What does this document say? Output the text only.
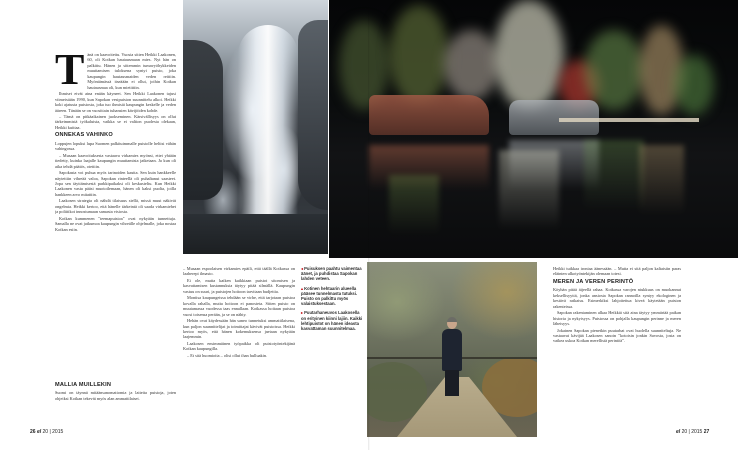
T änä on kaavoitettu. Vuosia sitten Heikki Laakonen, 60, oli Kotkan hautausmaan mies. Nyt hän on palkittu. Hänen ja sittemmin tumavyöhykkeiden muuttamisen tuloksena syntyi puisto, joka kaupungin hautausmaiden veden reittiin. Myöntämässä itseäään ei ollut, joihin Kotkan hautausmaa oli, kun mietittiin.

Ihmiset eivät aina enään käyneet. Sen Heikki Laakonen tajusi viimeistään 1990, kun Sapokan vesipuiston suunnittelu alkoi. Heikki koki ajatusta puistosta, joka tuo ihmisiä kaupungin keskelle ja veden ääreen. Tänään se on vuosittain tuhansien kävijöiden kohde.

– Tämä on pitkäaikainen juokseminen. Kärsivällisyys on ollut tärkeimmistä työkaluista, vaikka se ei valtion puolesta olekaan, Heikki kuittaa.

ONNEKAS VAHINKO

Loppujen lopuksi lupa Suomen palkituimmalle puistolle heltisi vähän vahingossa.

– Musaan kaavoituksesta vastaava virkamies myönsi, ettei yhtään tiedetty, kuinka laajalle kaupungin muuttamista jatketaan. Ja kun oli aika tehdä päätös, otettiin.

Sapokasta voi puhua myös tarinoiden kautta. Sen kuin hankkeelle näytettiin vihreää valoa, Sapokan rinteellä oli puhaltanut saasteet. Jopa sen täyttämisestä parkkipaikaksi oli keskusteltu. Kun Heikki Laakonen vasta pääsi muotoilemaan, hänen oli kaksi puolta, joilla hankkeen arvo mitattiin.

Laakosen strategia oli nähdä tilaisuus siellä, missä muut näkivät ongelmia. Heikki kertoo, että hänelle tärkeintä oli saada virkamiehet ja poliitikot innostumaan samasta visiosta.

Kotkan kummenen "teemapuistoa" ovat nykyään tunnettuja. Samalla ne ovat jatkumoa kaupungin vihreälle ohjelmalle, joka nostaa Kotkan esiin.

MALLIA MUILLEKIN

Suomi on täynnä mitäänsanomattomia ja laiteita puistoja, joten ohjeiksi Kotkan tekevät myös alan ammattilaiset.

– Musaan espoolaisen virkamies epäili, että täällä Kotkassa on laaherepi ilmasto.

Ei ole, mutta kaiken kaikkiaan puistot sitomisen ja kasvattamisen kustannuksia täytyy pitää silmällä. Kaupungin vastuu on suuri, ja puistojen hoitoon tarvitaan budjettia.

Montisa kaupungeissa tehdään se virhe, että tarjotaan puistoa kovalla rahalla, mutta hoitoon ei panosteta. Sitten puisto on muutamassa vuodessa taas ennallaan. Kotkassa hoitaan puistoa vuosi toisensa perään, ja se on nähty.

Hehän ovat käydessään hän saneo tunnetuksi ammattilaisena, kun paljon suunnittelijat ja toimittajat kävivät puistoissa. Heikki kertoo myös, että hänen kokemuksensa jaetaan nykyään laajemmin.

Laakosen ensimmäinen työpaikka oli puistotyöntekijänä Kotkan kaupungilla.

– Et sitä huomioita – olisi ollut ihan hulluakin.

◂Puisuksen paahtu vaimentaa äänet, ja puhdistaa Sapokan lahden veteen.
▴Kotinen hehtaarin alueella pääsee tunnelmasta tutuksi. Puisto on palkittu myös valaistuksestaan.
▸Puutarhaneuvos Laakosella on erityinen kiinni lajiin. Kaikki lehtipuistot on hänen ideasta kasvattaman suunnitelmaa.

Heikki tuikkaa ironiaa äänessään. – Mutta ei sitä paljon kaltaisiin paras eläinten ulkotyöntekijän olemaan totesi.

MEREN JA VEREN PERINTÖ

Köyhän pitää äijeellä rahaa. Kotkassa varojen niukkuus on muokannut keksellisyyttä, jonka ansiosta Sapokan rannoilla syntyy ekologinen ja kestävä ratkaisu. Esimerkiksi lahjoitettua kiveä käytetään puiston rakenteissa.

Sapokan rakentaminen alkaa Heikkiä sitä aina täytyy ymmärtää paikan historia ja nykyisyys. Puistossa on pohjalla kaupungin perinne ja meren läheisyys.

Jokainen Sapokan pienetkin puutarhat ovat huolella suunniteltuja. Ne vastaavat kävijää Laakosen sanoin "kotoisin jonkin Savosta, josta on vaikea uskoa Kotkan merellistä perintöä".

26 el 20 | 2015	el 20 | 2015 27
